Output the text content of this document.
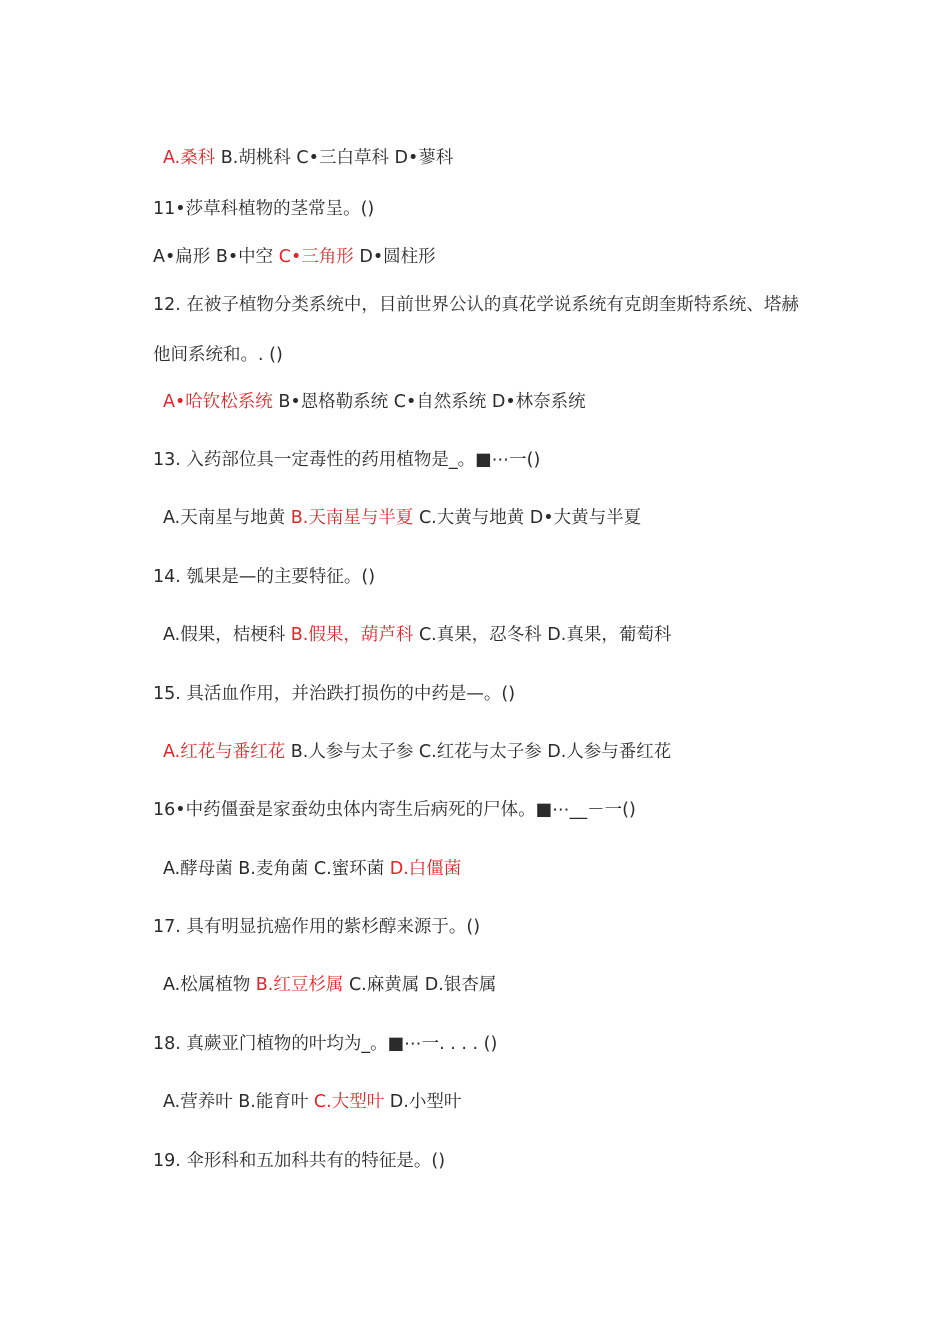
A.桑科 B.胡桃科 C•三白草科 D•蓼科
11•莎草科植物的茎常呈。()
A•扁形 B•中空 C•三角形 D•圆柱形
12. 在被子植物分类系统中，目前世界公认的真花学说系统有克朗奎斯特系统、塔赫
他间系统和。. ()
A•哈钦松系统 B•恩格勒系统 C•自然系统 D•林奈系统
13. 入药部位具一定毒性的药用植物是_。■⋯一()
A.天南星与地黄 B.天南星与半夏 C.大黄与地黄 D•大黄与半夏
14. 瓠果是—的主要特征。()
A.假果，桔梗科 B.假果，葫芦科 C.真果，忍冬科 D.真果，葡萄科
15. 具活血作用，并治跌打损伤的中药是—。()
A.红花与番红花 B.人参与太子参 C.红花与太子参 D.人参与番红花
16•中药僵蚕是家蚕幼虫体内寄生后病死的尸体。■⋯__－一()
A.酵母菌 B.麦角菌 C.蜜环菌 D.白僵菌
17. 具有明显抗癌作用的紫杉醇来源于。()
A.松属植物 B.红豆杉属 C.麻黄属 D.银杏属
18. 真蕨亚门植物的叶均为_。■⋯一. . . . ()
A.营养叶 B.能育叶 C.大型叶 D.小型叶
19. 伞形科和五加科共有的特征是。()
